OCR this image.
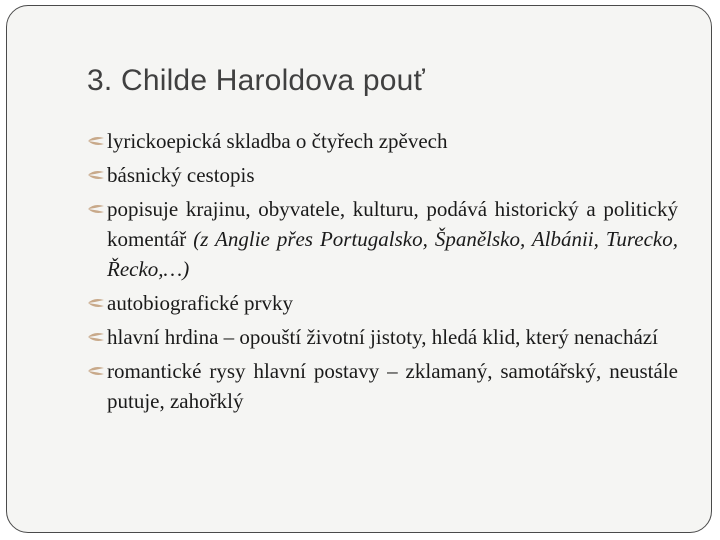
3. Childe Haroldova pouť
lyrickoepická skladba o čtyřech zpěvech
básnický cestopis
popisuje krajinu, obyvatele, kulturu, podává historický a politický komentář (z Anglie přes Portugalsko, Španělsko, Albánii, Turecko, Řecko,…)
autobiografické prvky
hlavní hrdina – opouští životní jistoty, hledá klid, který nenachází
romantické rysy hlavní postavy – zklamaný, samotářský, neustále putuje, zahořklý
